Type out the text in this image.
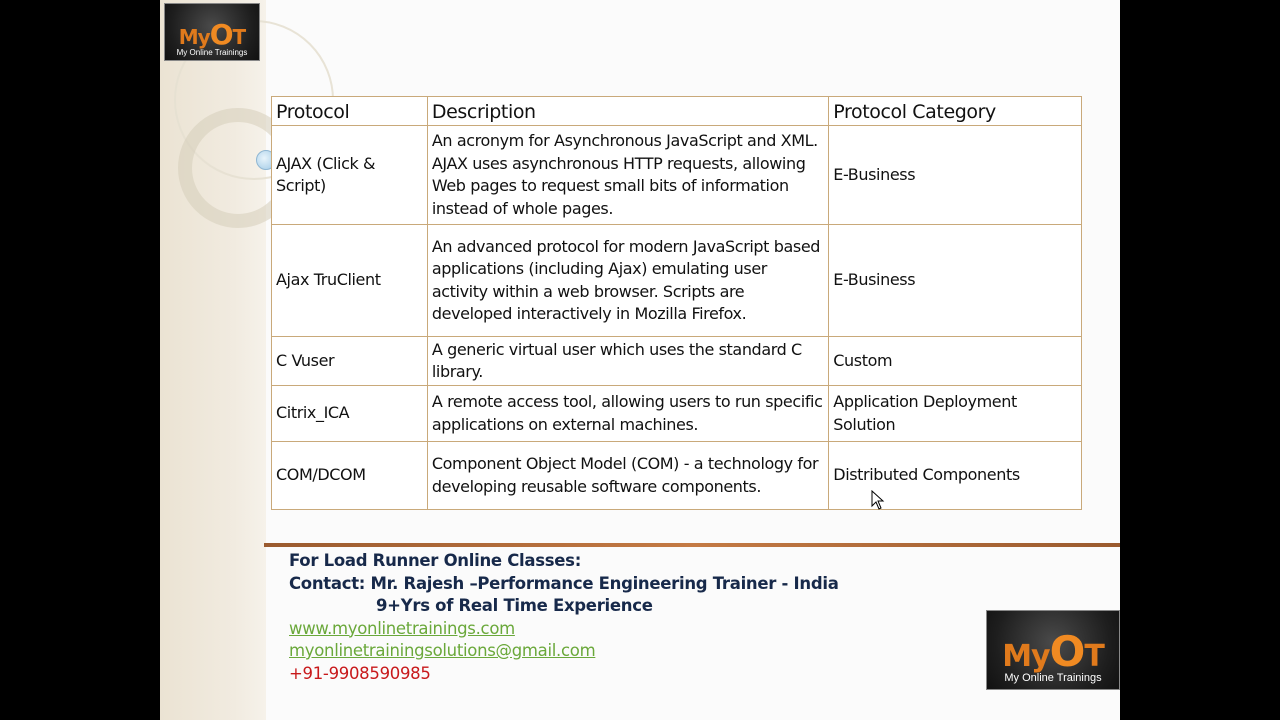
MyOT
My Online Trainings
Protocol	Description	Protocol Category
AJAX (Click & Script)	An acronym for Asynchronous JavaScript and XML. AJAX uses asynchronous HTTP requests, allowing Web pages to request small bits of information instead of whole pages.	E-Business
Ajax TruClient	An advanced protocol for modern JavaScript based applications (including Ajax) emulating user activity within a web browser. Scripts are developed interactively in Mozilla Firefox.	E-Business
C Vuser	A generic virtual user which uses the standard C library.	Custom
Citrix_ICA	A remote access tool, allowing users to run specific applications on external machines.	Application Deployment Solution
COM/DCOM	Component Object Model (COM) - a technology for developing reusable software components.	Distributed Components
For Load Runner Online Classes:
Contact: Mr. Rajesh –Performance Engineering Trainer - India
9+Yrs of Real Time Experience
www.myonlinetrainings.com
myonlinetrainingsolutions@gmail.com
+91-9908590985	MyOT
My Online Trainings
